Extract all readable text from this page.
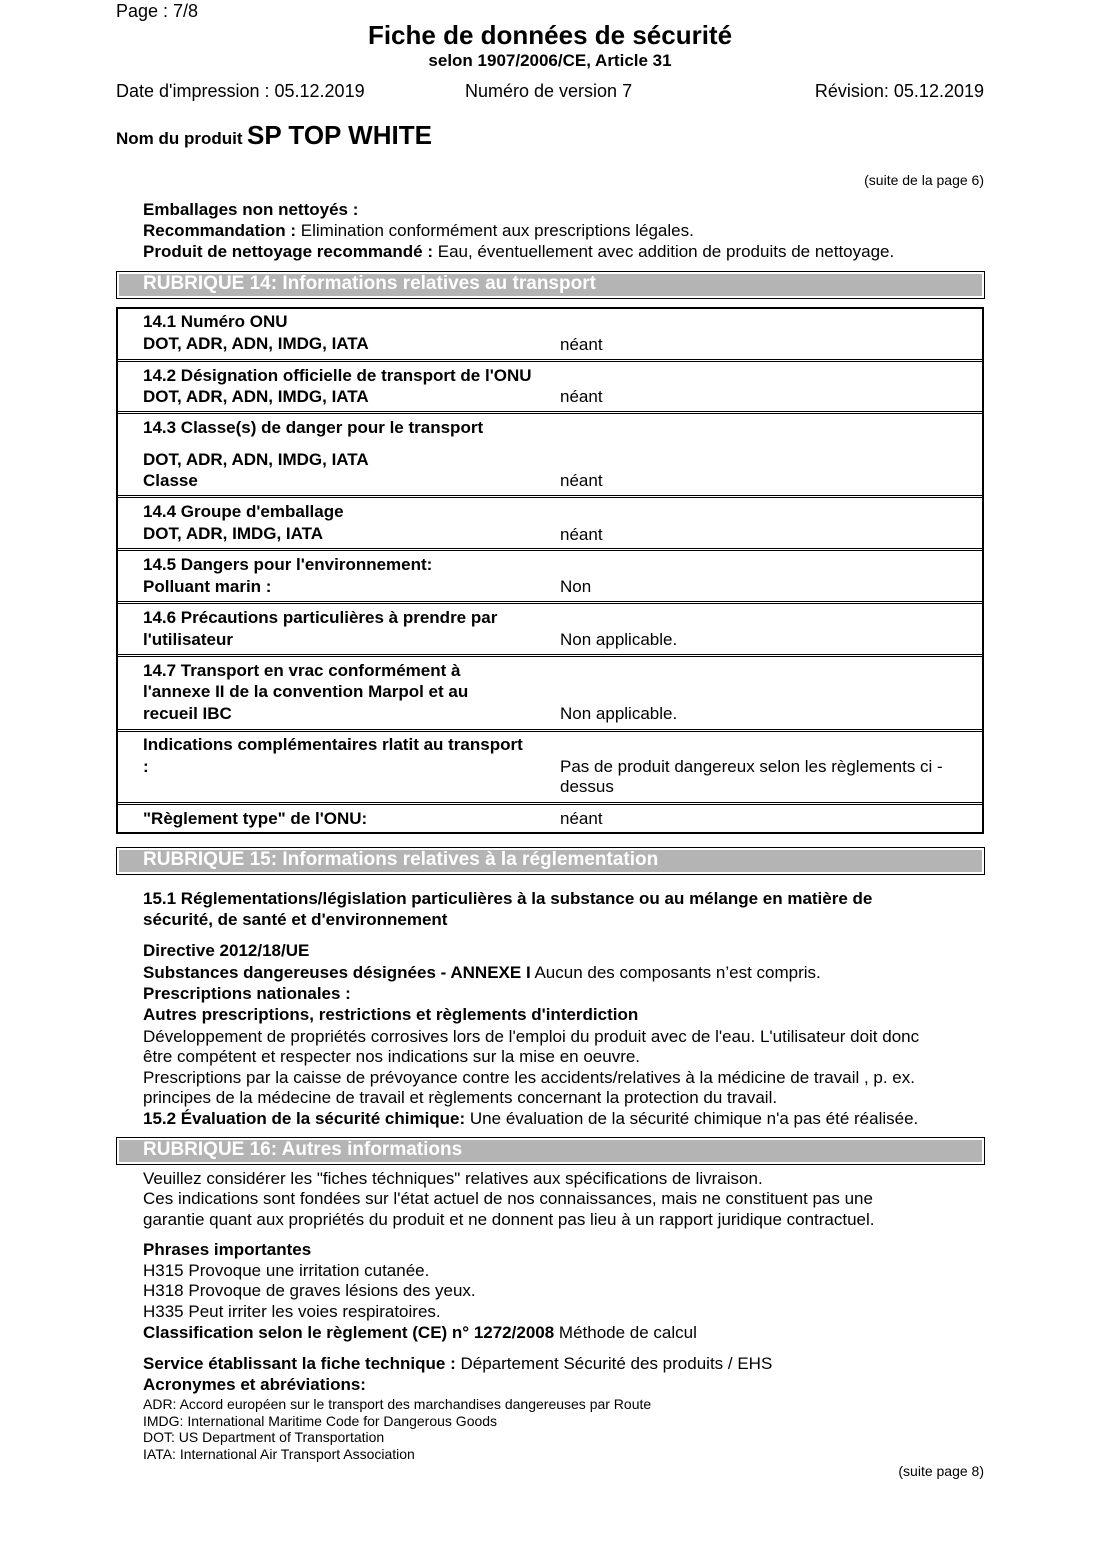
Page : 7/8
Fiche de données de sécurité
selon 1907/2006/CE, Article 31
Date d'impression : 05.12.2019	Numéro de version 7	Révision: 05.12.2019
Nom du produit SP TOP WHITE
(suite de la page 6)
Emballages non nettoyés :
Recommandation : Elimination conformément aux prescriptions légales.
Produit de nettoyage recommandé : Eau, éventuellement avec addition de produits de nettoyage.
RUBRIQUE 14: Informations relatives au transport
14.1 Numéro ONU
DOT, ADR, ADN, IMDG, IATA	néant
14.2 Désignation officielle de transport de l'ONU
DOT, ADR, ADN, IMDG, IATA	néant
14.3 Classe(s) de danger pour le transport
DOT, ADR, ADN, IMDG, IATA
Classe	néant
14.4 Groupe d'emballage
DOT, ADR, IMDG, IATA	néant
14.5 Dangers pour l'environnement:
Polluant marin :	Non
14.6 Précautions particulières à prendre par
l'utilisateur	Non applicable.
14.7 Transport en vrac conformément à
l'annexe II de la convention Marpol et au
recueil IBC	Non applicable.
Indications complémentaires rlatit au transport
:	Pas de produit dangereux selon les règlements ci -
dessus
"Règlement type" de l'ONU:	néant
RUBRIQUE 15: Informations relatives à la réglementation
15.1 Réglementations/législation particulières à la substance ou au mélange en matière de
sécurité, de santé et d'environnement
Directive 2012/18/UE
Substances dangereuses désignées - ANNEXE I Aucun des composants n’est compris.
Prescriptions nationales :
Autres prescriptions, restrictions et règlements d'interdiction
Développement de propriétés corrosives lors de l'emploi du produit avec de l'eau. L'utilisateur doit donc
être compétent et respecter nos indications sur la mise en oeuvre.
Prescriptions par la caisse de prévoyance contre les accidents/relatives à la médicine de travail , p. ex.
principes de la médecine de travail et règlements concernant la protection du travail.
15.2 Évaluation de la sécurité chimique: Une évaluation de la sécurité chimique n'a pas été réalisée.
RUBRIQUE 16: Autres informations
Veuillez considérer les "fiches téchniques" relatives aux spécifications de livraison.
Ces indications sont fondées sur l'état actuel de nos connaissances, mais ne constituent pas une
garantie quant aux propriétés du produit et ne donnent pas lieu à un rapport juridique contractuel.
Phrases importantes
H315 Provoque une irritation cutanée.
H318 Provoque de graves lésions des yeux.
H335 Peut irriter les voies respiratoires.
Classification selon le règlement (CE) n° 1272/2008 Méthode de calcul
Service établissant la fiche technique : Département Sécurité des produits / EHS
Acronymes et abréviations:
ADR: Accord européen sur le transport des marchandises dangereuses par Route
IMDG: International Maritime Code for Dangerous Goods
DOT: US Department of Transportation
IATA: International Air Transport Association
(suite page 8)
